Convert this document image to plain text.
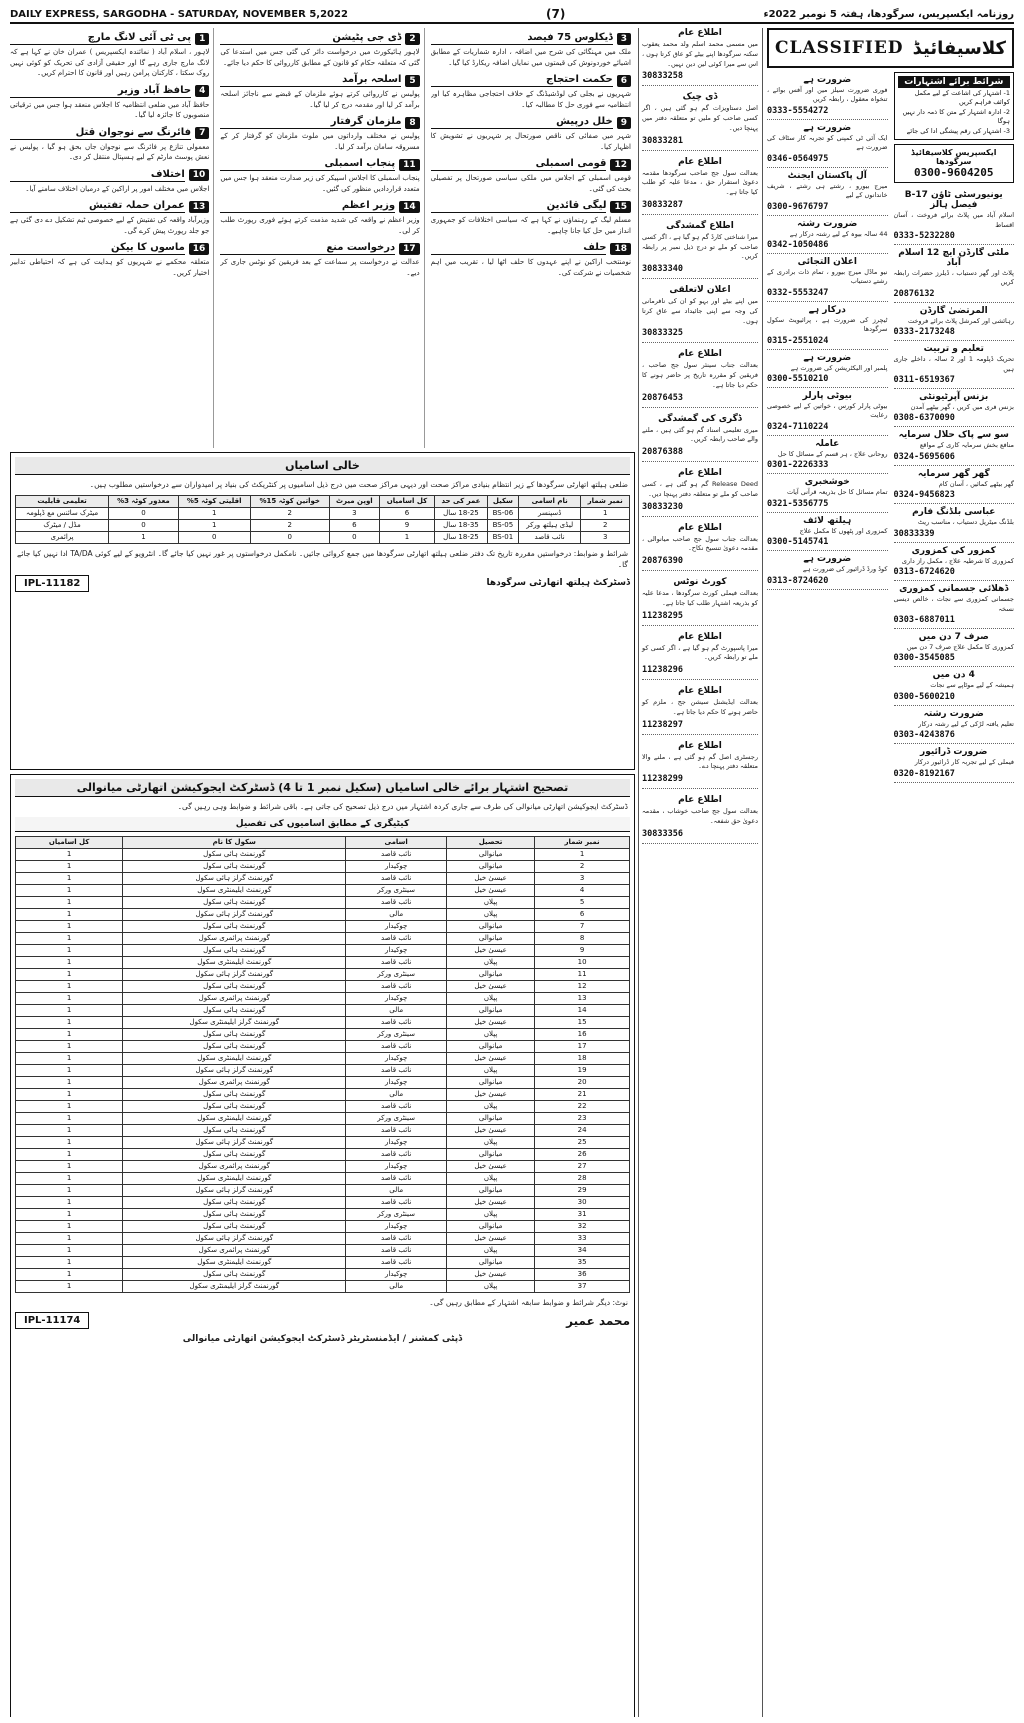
DAILY EXPRESS, SARGODHA - SATURDAY, NOVEMBER 5,2022	(7)	روزنامہ ایکسپریس، سرگودھا، ہفتہ 5 نومبر 2022ء
1
پی ٹی آئی لانگ مارچ
لاہور ، اسلام آباد ( نمائندہ ایکسپریس ) عمران خان نے کہا ہے کہ لانگ مارچ جاری رہے گا اور حقیقی آزادی کی تحریک کو کوئی نہیں روک سکتا ، کارکنان پرامن رہیں اور قانون کا احترام کریں۔
4
حافظ آباد وزیر
حافظ آباد میں ضلعی انتظامیہ کا اجلاس منعقد ہوا جس میں ترقیاتی منصوبوں کا جائزہ لیا گیا۔
7
فائرنگ سے نوجوان قتل
معمولی تنازع پر فائرنگ سے نوجوان جاں بحق ہو گیا ، پولیس نے نعش پوسٹ مارٹم کے لیے ہسپتال منتقل کر دی۔
10
اختلاف
اجلاس میں مختلف امور پر اراکین کے درمیان اختلاف سامنے آیا۔
13
عمران حملہ تفتیش
وزیرآباد واقعہ کی تفتیش کے لیے خصوصی ٹیم تشکیل دے دی گئی ہے جو جلد رپورٹ پیش کرے گی۔
16
ماسوں کا بیکن
متعلقہ محکمے نے شہریوں کو ہدایت کی ہے کہ احتیاطی تدابیر اختیار کریں۔
2
ڈی جی پٹیشن
لاہور ہائیکورٹ میں درخواست دائر کی گئی جس میں استدعا کی گئی کہ متعلقہ حکام کو قانون کے مطابق کارروائی کا حکم دیا جائے۔
5
اسلحہ برآمد
پولیس نے کارروائی کرتے ہوئے ملزمان کے قبضے سے ناجائز اسلحہ برآمد کر لیا اور مقدمہ درج کر لیا گیا۔
8
ملزمان گرفتار
پولیس نے مختلف وارداتوں میں ملوث ملزمان کو گرفتار کر کے مسروقہ سامان برآمد کر لیا۔
11
پنجاب اسمبلی
پنجاب اسمبلی کا اجلاس اسپیکر کی زیر صدارت منعقد ہوا جس میں متعدد قراردادیں منظور کی گئیں۔
14
وزیر اعظم
وزیر اعظم نے واقعہ کی شدید مذمت کرتے ہوئے فوری رپورٹ طلب کر لی۔
17
درخواست منع
عدالت نے درخواست پر سماعت کے بعد فریقین کو نوٹس جاری کر دیے۔
3
ڈیکلوس 75 فیصد
ملک میں مہنگائی کی شرح میں اضافہ ، ادارہ شماریات کے مطابق اشیائے خوردونوش کی قیمتوں میں نمایاں اضافہ ریکارڈ کیا گیا۔
6
حکمت احتجاج
شہریوں نے بجلی کی لوڈشیڈنگ کے خلاف احتجاجی مظاہرہ کیا اور انتظامیہ سے فوری حل کا مطالبہ کیا۔
9
خلل درپیش
شہر میں صفائی کی ناقص صورتحال پر شہریوں نے تشویش کا اظہار کیا۔
12
قومی اسمبلی
قومی اسمبلی کے اجلاس میں ملکی سیاسی صورتحال پر تفصیلی بحث کی گئی۔
15
لیگی قائدین
مسلم لیگ کے رہنماؤں نے کہا ہے کہ سیاسی اختلافات کو جمہوری انداز میں حل کیا جانا چاہیے۔
18
حلف
نومنتخب اراکین نے اپنے عہدوں کا حلف اٹھا لیا ، تقریب میں اہم شخصیات نے شرکت کی۔
خالی اسامیاں
ضلعی ہیلتھ اتھارٹی سرگودھا کے زیر انتظام بنیادی مراکز صحت اور دیہی مراکز صحت میں درج ذیل اسامیوں پر کنٹریکٹ کی بنیاد پر امیدواران سے درخواستیں مطلوب ہیں۔
نمبر شمار	نام اسامی	سکیل	عمر کی حد	کل اسامیاں	اوپن میرٹ	خواتین کوٹہ 15%	اقلیتی کوٹہ 5%	معذور کوٹہ 3%	تعلیمی قابلیت
1	ڈسپنسر	BS-06	18-25 سال	6	3	2	1	0	میٹرک سائنس مع ڈپلومہ
2	لیڈی ہیلتھ ورکر	BS-05	18-35 سال	9	6	2	1	0	مڈل / میٹرک
3	نائب قاصد	BS-01	18-25 سال	1	0	0	0	1	پرائمری
شرائط و ضوابط: درخواستیں مقررہ تاریخ تک دفتر ضلعی ہیلتھ اتھارٹی سرگودھا میں جمع کروائی جائیں۔ نامکمل درخواستوں پر غور نہیں کیا جائے گا۔ انٹرویو کے لیے کوئی TA/DA ادا نہیں کیا جائے گا۔
IPL-11182	ڈسٹرکٹ ہیلتھ اتھارٹی سرگودھا
تصحیح اشتہار برائے خالی اسامیاں (سکیل نمبر 1 تا 4) ڈسٹرکٹ ایجوکیشن اتھارٹی میانوالی
ڈسٹرکٹ ایجوکیشن اتھارٹی میانوالی کی طرف سے جاری کردہ اشتہار میں درج ذیل تصحیح کی جاتی ہے۔ باقی شرائط و ضوابط وہی رہیں گی۔
کیٹیگری کے مطابق اسامیوں کی تفصیل
نمبر شمار	تحصیل	اسامی	سکول کا نام	کل اسامیاں
1	میانوالی	نائب قاصد	گورنمنٹ ہائی سکول	1
2	میانوالی	چوکیدار	گورنمنٹ ہائی سکول	1
3	عیسیٰ خیل	نائب قاصد	گورنمنٹ گرلز ہائی سکول	1
4	عیسیٰ خیل	سینٹری ورکر	گورنمنٹ ایلیمنٹری سکول	1
5	پپلاں	نائب قاصد	گورنمنٹ ہائی سکول	1
6	پپلاں	مالی	گورنمنٹ گرلز ہائی سکول	1
7	میانوالی	چوکیدار	گورنمنٹ ہائی سکول	1
8	میانوالی	نائب قاصد	گورنمنٹ پرائمری سکول	1
9	عیسیٰ خیل	چوکیدار	گورنمنٹ ہائی سکول	1
10	پپلاں	نائب قاصد	گورنمنٹ ایلیمنٹری سکول	1
11	میانوالی	سینٹری ورکر	گورنمنٹ گرلز ہائی سکول	1
12	عیسیٰ خیل	نائب قاصد	گورنمنٹ ہائی سکول	1
13	پپلاں	چوکیدار	گورنمنٹ پرائمری سکول	1
14	میانوالی	مالی	گورنمنٹ ہائی سکول	1
15	عیسیٰ خیل	نائب قاصد	گورنمنٹ گرلز ایلیمنٹری سکول	1
16	پپلاں	سینٹری ورکر	گورنمنٹ ہائی سکول	1
17	میانوالی	نائب قاصد	گورنمنٹ ہائی سکول	1
18	عیسیٰ خیل	چوکیدار	گورنمنٹ ایلیمنٹری سکول	1
19	پپلاں	نائب قاصد	گورنمنٹ گرلز ہائی سکول	1
20	میانوالی	چوکیدار	گورنمنٹ پرائمری سکول	1
21	عیسیٰ خیل	مالی	گورنمنٹ ہائی سکول	1
22	پپلاں	نائب قاصد	گورنمنٹ ہائی سکول	1
23	میانوالی	سینٹری ورکر	گورنمنٹ ایلیمنٹری سکول	1
24	عیسیٰ خیل	نائب قاصد	گورنمنٹ ہائی سکول	1
25	پپلاں	چوکیدار	گورنمنٹ گرلز ہائی سکول	1
26	میانوالی	نائب قاصد	گورنمنٹ ہائی سکول	1
27	عیسیٰ خیل	چوکیدار	گورنمنٹ پرائمری سکول	1
28	پپلاں	نائب قاصد	گورنمنٹ ایلیمنٹری سکول	1
29	میانوالی	مالی	گورنمنٹ گرلز ہائی سکول	1
30	عیسیٰ خیل	نائب قاصد	گورنمنٹ ہائی سکول	1
31	پپلاں	سینٹری ورکر	گورنمنٹ ہائی سکول	1
32	میانوالی	چوکیدار	گورنمنٹ ہائی سکول	1
33	عیسیٰ خیل	نائب قاصد	گورنمنٹ گرلز ہائی سکول	1
34	پپلاں	نائب قاصد	گورنمنٹ پرائمری سکول	1
35	میانوالی	نائب قاصد	گورنمنٹ ایلیمنٹری سکول	1
36	عیسیٰ خیل	چوکیدار	گورنمنٹ ہائی سکول	1
37	پپلاں	مالی	گورنمنٹ گرلز ایلیمنٹری سکول	1
نوٹ: دیگر شرائط و ضوابط سابقہ اشتہار کے مطابق رہیں گی۔
IPL-11174	محمد عمیر
ڈپٹی کمشنر / ایڈمنسٹریٹر ڈسٹرکٹ ایجوکیشن اتھارٹی میانوالی
اطلاع عام
میں مسمی محمد اسلم ولد محمد یعقوب سکنہ سرگودھا اپنے بیٹے کو عاق کرتا ہوں ، اس سے میرا کوئی لین دین نہیں۔
30833258
ڈی چیک
اصل دستاویزات گم ہو گئی ہیں ، اگر کسی صاحب کو ملیں تو متعلقہ دفتر میں پہنچا دیں۔
30833281
اطلاع عام
بعدالت سول جج صاحب سرگودھا مقدمہ دعویٰ استقرار حق ، مدعا علیہ کو طلب کیا جاتا ہے۔
30833287
اطلاع گمشدگی
میرا شناختی کارڈ گم ہو گیا ہے ، اگر کسی صاحب کو ملے تو درج ذیل نمبر پر رابطہ کریں۔
30833340
اعلان لاتعلقی
میں اپنے بیٹے اور بہو کو ان کی نافرمانی کی وجہ سے اپنی جائیداد سے عاق کرتا ہوں۔
30833325
اطلاع عام
بعدالت جناب سینئر سول جج صاحب ، فریقین کو مقررہ تاریخ پر حاضر ہونے کا حکم دیا جاتا ہے۔
20876453
ڈگری کی گمشدگی
میری تعلیمی اسناد گم ہو گئی ہیں ، ملنے والے صاحب رابطہ کریں۔
20876388
اطلاع عام
Release Deed گم ہو گئی ہے ، کسی صاحب کو ملے تو متعلقہ دفتر پہنچا دیں۔
30833230
اطلاع عام
بعدالت جناب سول جج صاحب میانوالی ، مقدمہ دعویٰ تنسیخ نکاح۔
20876390
کورٹ نوٹس
بعدالت فیملی کورٹ سرگودھا ، مدعا علیہ کو بذریعہ اشتہار طلب کیا جاتا ہے۔
11238295
اطلاع عام
میرا پاسپورٹ گم ہو گیا ہے ، اگر کسی کو ملے تو رابطہ کریں۔
11238296
اطلاع عام
بعدالت ایڈیشنل سیشن جج ، ملزم کو حاضر ہونے کا حکم دیا جاتا ہے۔
11238297
اطلاع عام
رجسٹری اصل گم ہو گئی ہے ، ملنے والا متعلقہ دفتر پہنچا دے۔
11238299
اطلاع عام
بعدالت سول جج صاحب خوشاب ، مقدمہ دعویٰ حق شفعہ۔
30833356
CLASSIFIED کلاسیفائیڈ
ضرورت ہے
فوری ضرورت سیلز مین اور آفس بوائے ، تنخواہ معقول ، رابطہ کریں
0333-5554272
ضرورت ہے
ایک آئی ٹی کمپنی کو تجربہ کار سٹاف کی ضرورت ہے
0346-0564975
آل پاکستان ایجنٹ
میرج بیورو ، رشتے ہی رشتے ، شریف خاندانوں کے لیے
0300-9676797
ضرورت رشتہ
44 سالہ بیوہ کے لیے رشتہ درکار ہے
0342-1050486
اعلان التجائی
نیو ماڈل میرج بیورو ، تمام ذات برادری کے رشتے دستیاب
0332-5553247
درکار ہے
ٹیچرز کی ضرورت ہے ، پرائیویٹ سکول سرگودھا
0315-2551024
ضرورت ہے
پلمبر اور الیکٹریشن کی ضرورت ہے
0300-5510210
بیوٹی پارلر
بیوٹی پارلر کورس ، خواتین کے لیے خصوصی رعایت
0324-7110224
عاملہ
روحانی علاج ، ہر قسم کے مسائل کا حل
0301-2226333
خوشخبری
تمام مسائل کا حل بذریعہ قرآنی آیات
0321-5356775
ہیلتھ لائف
کمزوری اور پٹھوں کا مکمل علاج
0300-5145741
ضرورت ہے
کوڈ ورڈ ڈرائیور کی ضرورت ہے
0313-8724620
شرائط برائے اشتہارات
1- اشتہار کی اشاعت کے لیے مکمل کوائف فراہم کریں
2- ادارہ اشتہار کے متن کا ذمہ دار نہیں ہوگا
3- اشتہار کی رقم پیشگی ادا کی جائے
ایکسپریس کلاسیفائیڈ سرگودھا
0300-9604205
یونیورسٹی ٹاؤن B-17 فیصل ہالز
اسلام آباد میں پلاٹ برائے فروخت ، آسان اقساط
0333-5232280
ملٹی گارڈن ایچ 12 اسلام آباد
پلاٹ اور گھر دستیاب ، ڈیلرز حضرات رابطہ کریں
20876132
المرتضیٰ گارڈن
رہائشی اور کمرشل پلاٹ برائے فروخت
0333-2173248
تعلیم و تربیت
تحریک ڈپلومہ 1 اور 2 سالہ ، داخلے جاری ہیں
0311-6519367
بزنس آپرٹیونٹی
بزنس فری میں کریں ، گھر بیٹھے آمدن
0308-6370090
سو سے پاک حلال سرمایہ
منافع بخش سرمایہ کاری کے مواقع
0324-5695606
گھر گھر سرمایہ
گھر بیٹھے کمائیں ، آسان کام
0324-9456823
عباسی بلڈنگ فارم
بلڈنگ میٹریل دستیاب ، مناسب ریٹ
30833339
کمزور کی کمزوری
کمزوری کا شرطیہ علاج ، مکمل راز داری
0313-6724620
ڈھلائی جسمانی کمزوری
جسمانی کمزوری سے نجات ، خالص دیسی نسخہ
0303-6887011
صرف 7 دن میں
کمزوری کا مکمل علاج صرف 7 دن میں
0300-3545085
4 دن میں
ہمیشہ کے لیے موٹاپے سے نجات
0300-5600210
ضرورت رشتہ
تعلیم یافتہ لڑکی کے لیے رشتہ درکار
0303-4243876
ضرورت ڈرائیور
فیملی کے لیے تجربہ کار ڈرائیور درکار
0320-8192167
